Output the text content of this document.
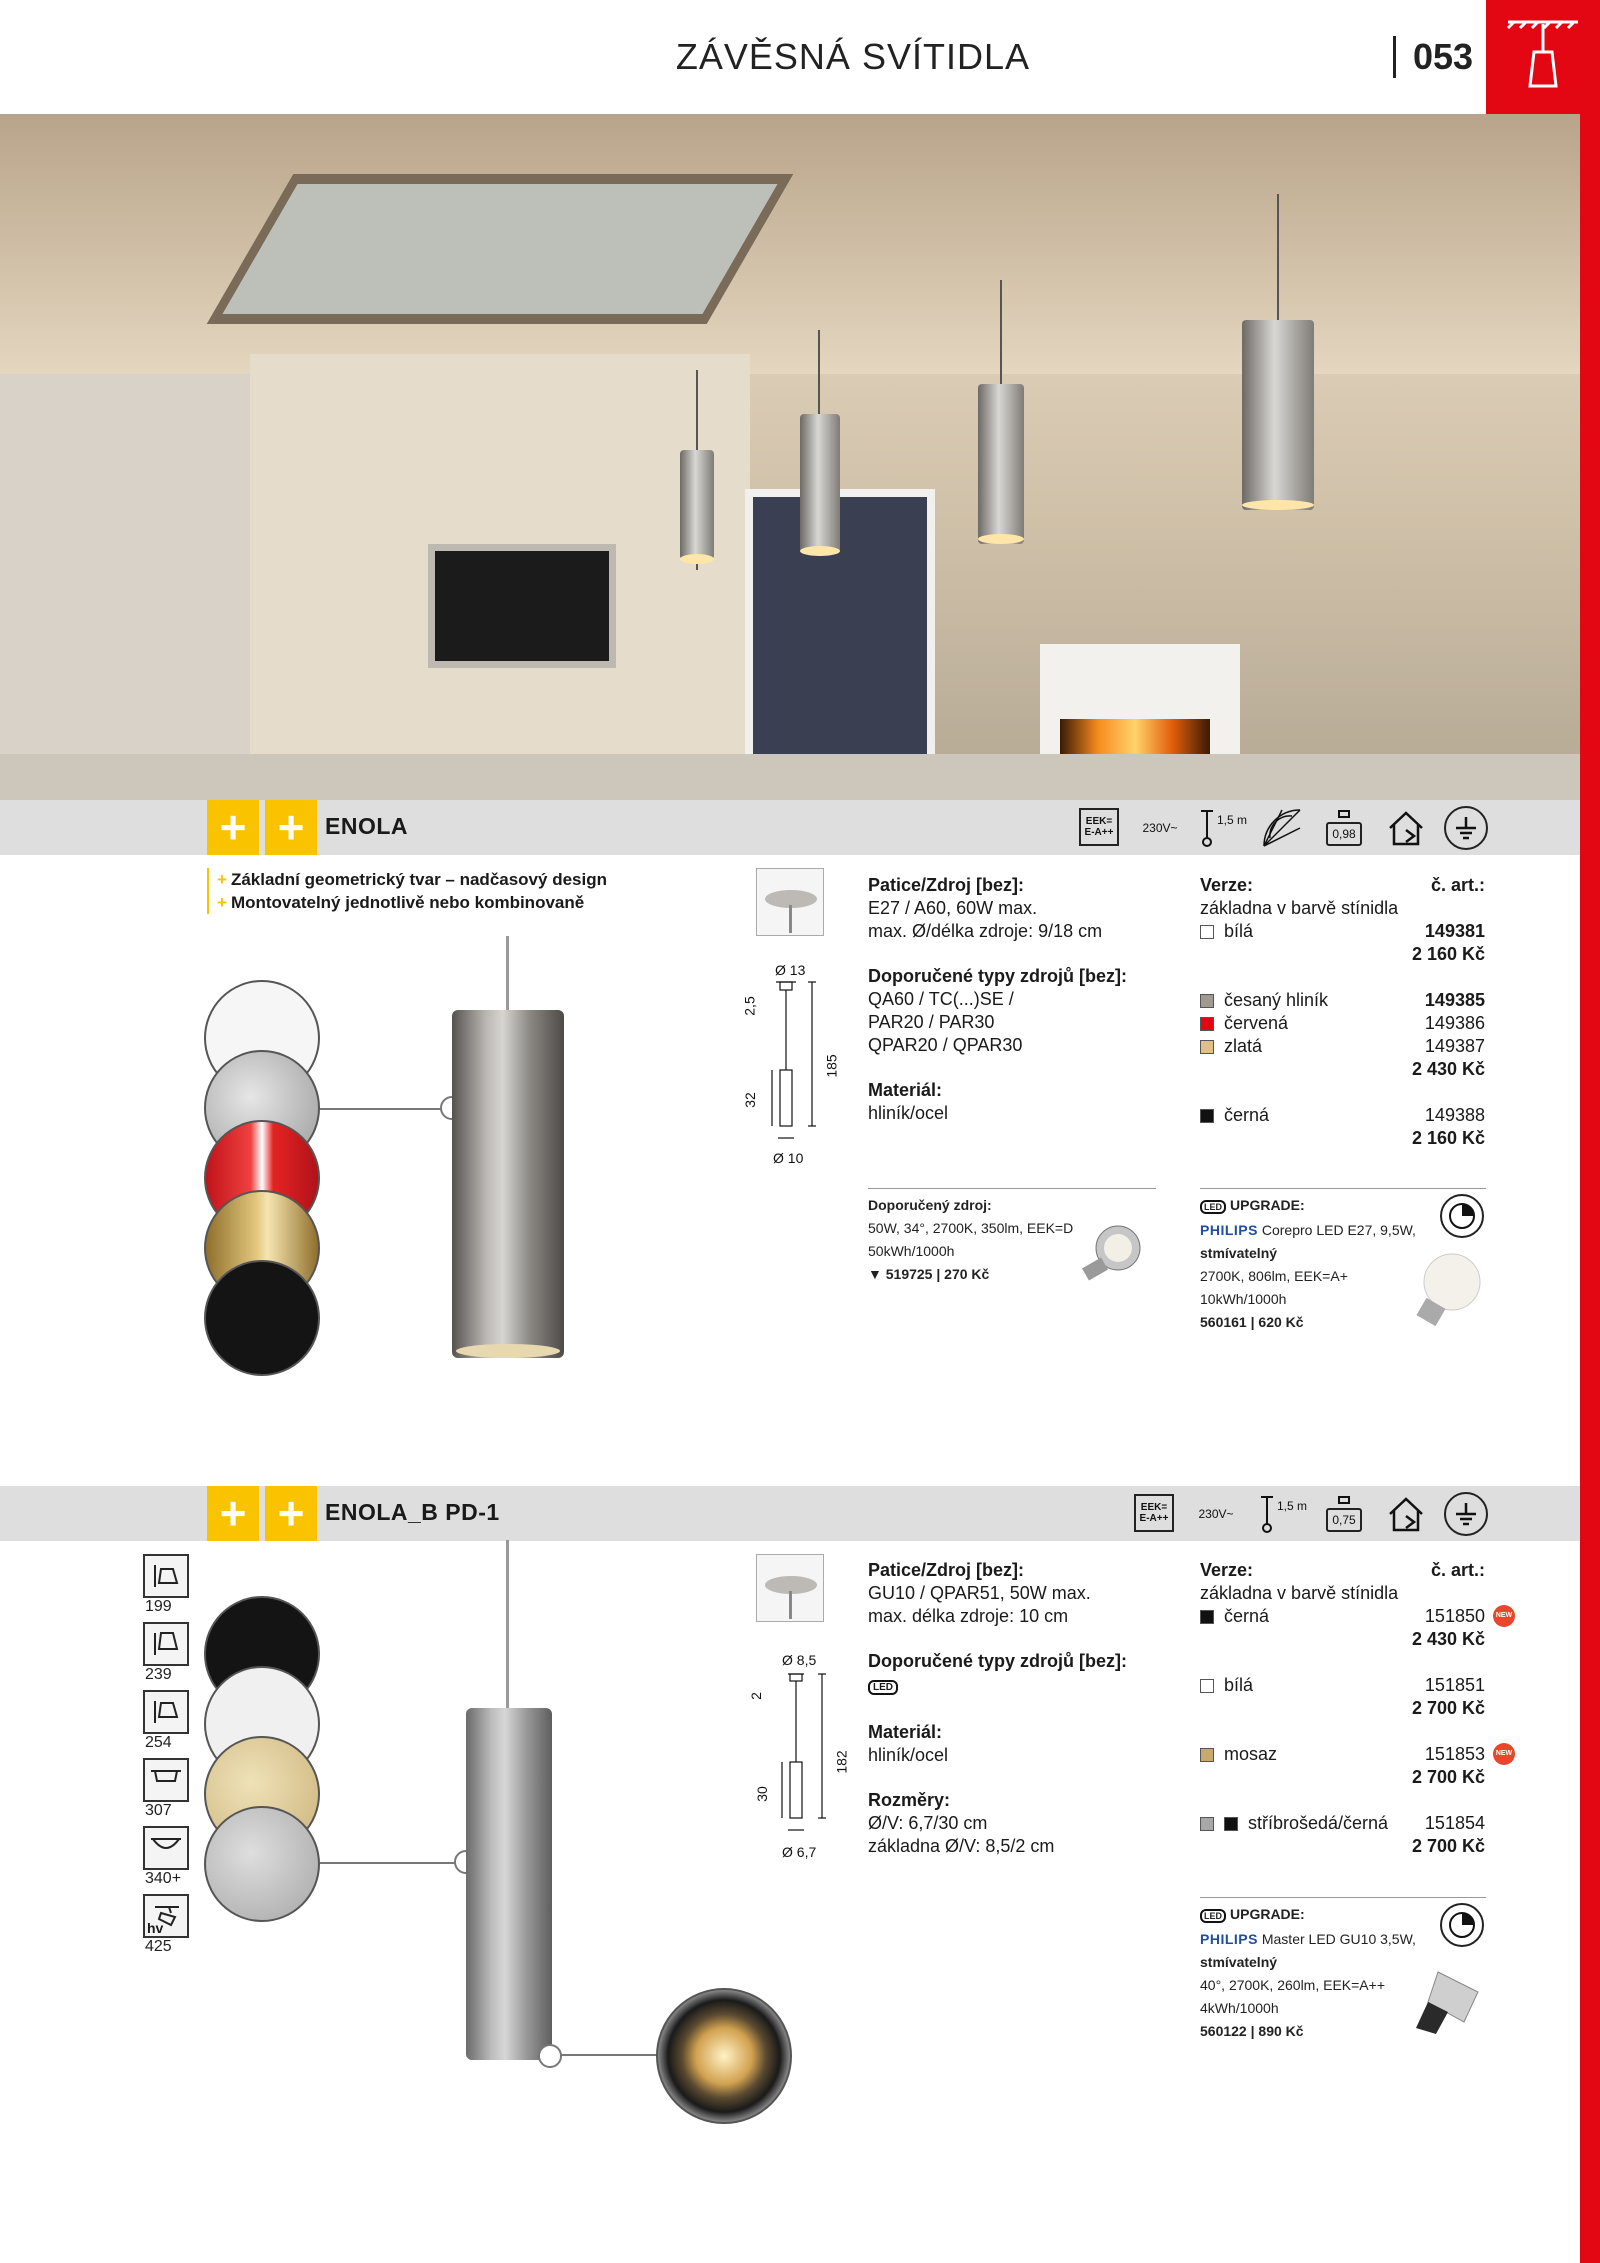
ZÁVĚSNÁ SVÍTIDLA	053
+ + ENOLA	EEK= E-A++	230V~
1,5 m
0,98
+ Základní geometrický tvar – nadčasový design
+ Montovatelný jednotlivě nebo kombinovaně
Ø 13
2,5
32
185
Ø 10
Patice/Zdroj [bez]:
E27 / A60, 60W max.
max. Ø/délka zdroje: 9/18 cm
Doporučené typy zdrojů [bez]:
QA60 / TC(...)SE /
PAR20 / PAR30
QPAR20 / QPAR30
Materiál:
hliník/ocel
Verze:	č. art.:
základna v barvě stínidla
bílá	149381
2 160 Kč
česaný hliník	149385
červená	149386
zlatá	149387
2 430 Kč
černá	149388
2 160 Kč
Doporučený zdroj:
50W, 34°, 2700K, 350lm, EEK=D
50kWh/1000h
▼ 519725 | 270 Kč
LED UPGRADE:
PHILIPS Corepro LED E27, 9,5W,
stmívatelný
2700K, 806lm, EEK=A+
10kWh/1000h
560161 | 620 Kč
+ + ENOLA_B PD-1	EEK= E-A++	230V~
1,5 m
0,75
199
239
254
307
340+
hv
425
Ø 8,5
2
30
182
Ø 6,7
Patice/Zdroj [bez]:
GU10 / QPAR51, 50W max.
max. délka zdroje: 10 cm
Doporučené typy zdrojů [bez]:
LED
Materiál:
hliník/ocel
Rozměry:
Ø/V: 6,7/30 cm
základna Ø/V: 8,5/2 cm
Verze:	č. art.:
základna v barvě stínidla
černá	151850	NEW
2 430 Kč
bílá	151851
2 700 Kč
mosaz	151853	NEW
2 700 Kč
stříbrošedá/černá 151854
2 700 Kč
LED UPGRADE:
PHILIPS Master LED GU10 3,5W,
stmívatelný
40°, 2700K, 260lm, EEK=A++
4kWh/1000h
560122 | 890 Kč
